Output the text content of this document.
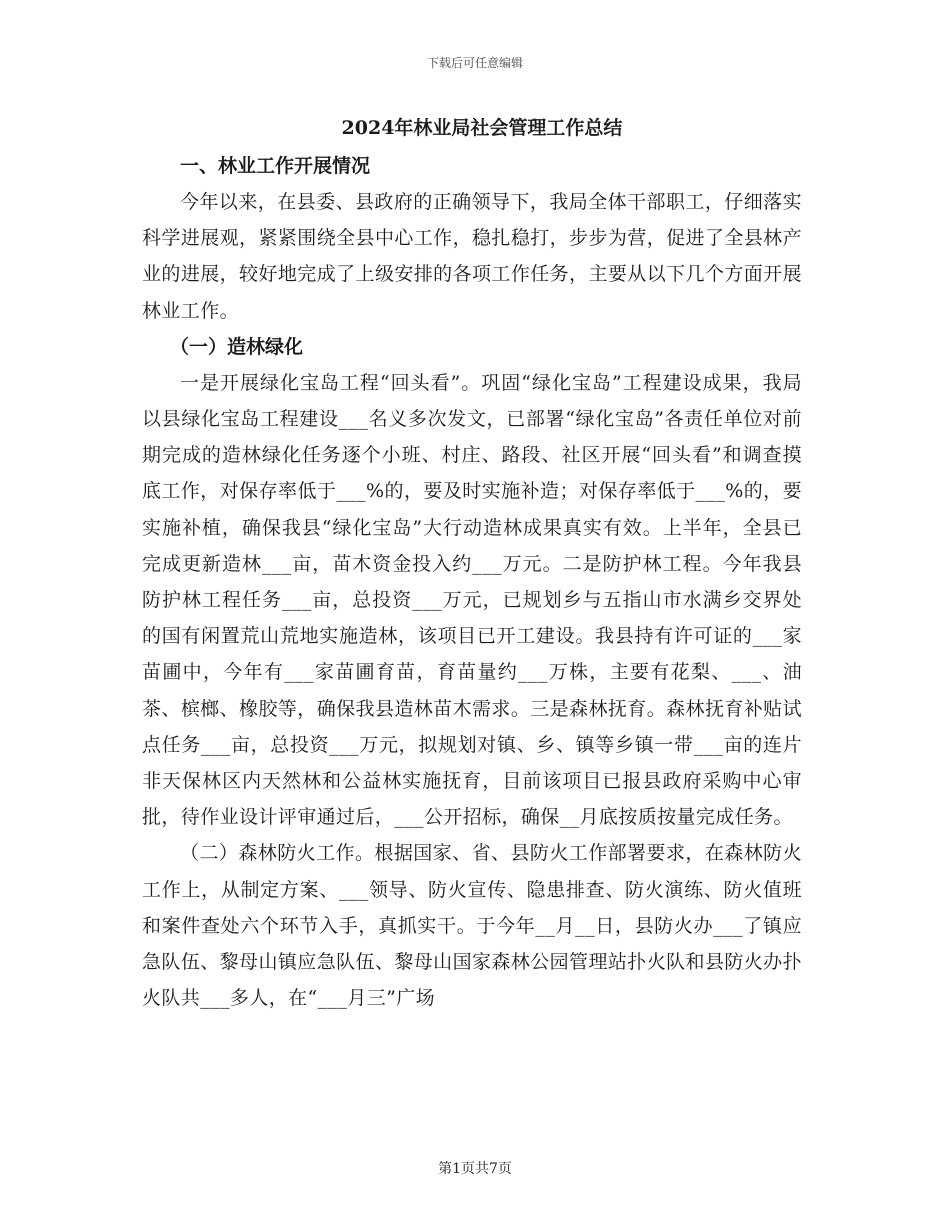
下载后可任意编辑
2024年林业局社会管理工作总结
一、林业工作开展情况

今年以来，在县委、县政府的正确领导下，我局全体干部职工，仔细落实科学进展观，紧紧围绕全县中心工作，稳扎稳打，步步为营，促进了全县林产业的进展，较好地完成了上级安排的各项工作任务，主要从以下几个方面开展林业工作。

（一）造林绿化

一是开展绿化宝岛工程“回头看”。巩固“绿化宝岛”工程建设成果，我局以县绿化宝岛工程建设___名义多次发文，已部署“绿化宝岛”各责任单位对前期完成的造林绿化任务逐个小班、村庄、路段、社区开展“回头看”和调查摸底工作，对保存率低于___%的，要及时实施补造；对保存率低于___%的，要实施补植，确保我县“绿化宝岛”大行动造林成果真实有效。上半年，全县已完成更新造林___亩，苗木资金投入约___万元。二是防护林工程。今年我县防护林工程任务___亩，总投资___万元，已规划乡与五指山市水满乡交界处的国有闲置荒山荒地实施造林，该项目已开工建设。我县持有许可证的___家苗圃中，今年有___家苗圃育苗，育苗量约___万株，主要有花梨、___、油茶、槟榔、橡胶等，确保我县造林苗木需求。三是森林抚育。森林抚育补贴试点任务___亩，总投资___万元，拟规划对镇、乡、镇等乡镇一带___亩的连片非天保林区内天然林和公益林实施抚育，目前该项目已报县政府采购中心审批，待作业设计评审通过后，___公开招标，确保__月底按质按量完成任务。

（二）森林防火工作。根据国家、省、县防火工作部署要求，在森林防火工作上，从制定方案、___领导、防火宣传、隐患排查、防火演练、防火值班和案件查处六个环节入手，真抓实干。于今年__月__日，县防火办___了镇应急队伍、黎母山镇应急队伍、黎母山国家森林公园管理站扑火队和县防火办扑火队共___多人，在“___月三”广场

第1页共7页
